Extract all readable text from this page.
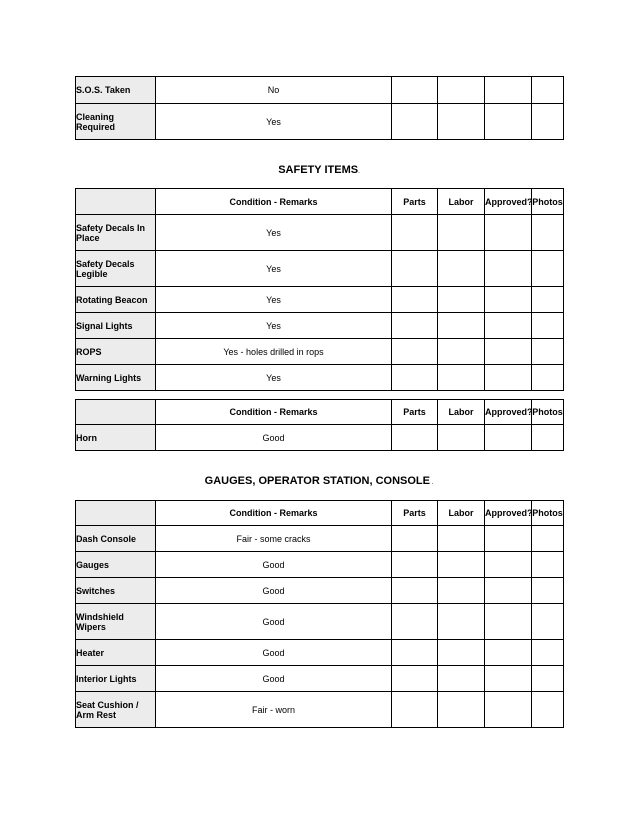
S.O.S. Taken	No				
Cleaning Required	Yes				
SAFETY ITEMS.
	Condition - Remarks	Parts	Labor	Approved?	Photos
Safety Decals In Place	Yes				
Safety Decals Legible	Yes				
Rotating Beacon	Yes				
Signal Lights	Yes				
ROPS	Yes - holes drilled in rops				
Warning Lights	Yes				
	Condition - Remarks	Parts	Labor	Approved?	Photos
Horn	Good				
GAUGES, OPERATOR STATION, CONSOLE .
	Condition - Remarks	Parts	Labor	Approved?	Photos
Dash Console	Fair - some cracks				
Gauges	Good				
Switches	Good				
Windshield Wipers	Good				
Heater	Good				
Interior Lights	Good				
Seat Cushion / Arm Rest	Fair - worn				
